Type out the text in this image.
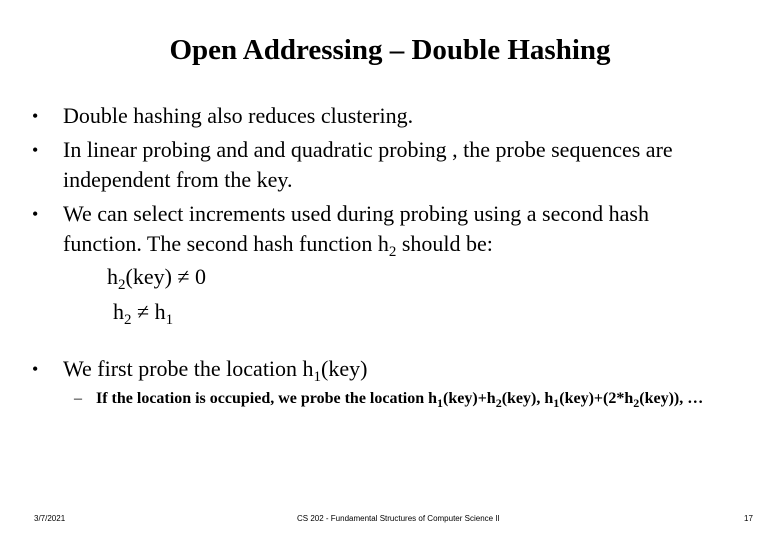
Open Addressing – Double Hashing
• Double hashing also reduces clustering.
• In linear probing and and quadratic probing , the probe sequences are
independent from the key.
• We can select increments used during probing using a second hash
function. The second hash function $h_2$ should be:
$h_2(key) \ne 0$
$h_2 \ne h_1$
• We first probe the location $h_1(key)$
– If the location is occupied, we probe the location $h_1(key)+h_2(key)$, $h_1(key)+(2*h_2(key))$, …
3/7/2021	CS 202 - Fundamental Structures of Computer Science II	17
